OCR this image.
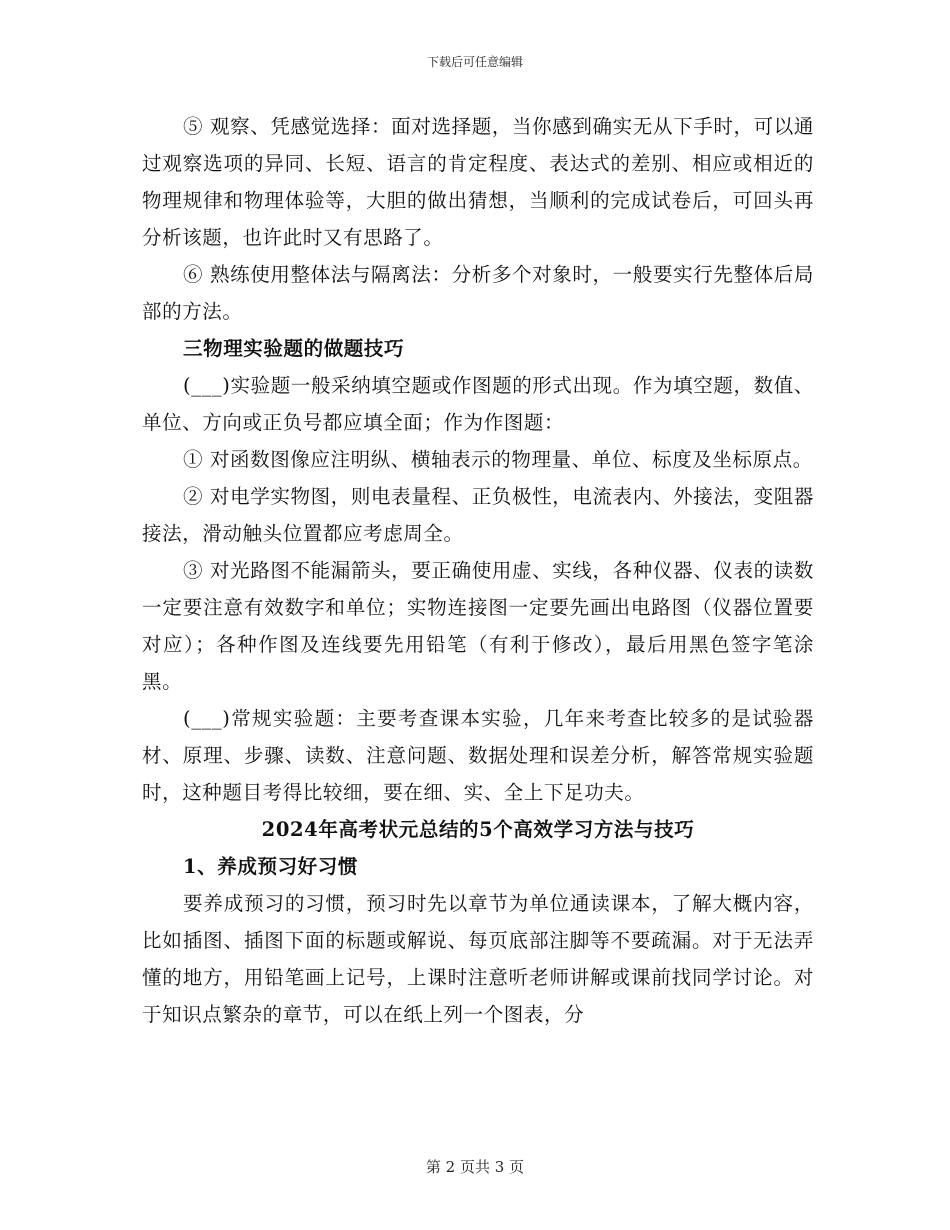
下载后可任意编辑

⑤ 观察、凭感觉选择：面对选择题，当你感到确实无从下手时，可以通过观察选项的异同、长短、语言的肯定程度、表达式的差别、相应或相近的物理规律和物理体验等，大胆的做出猜想，当顺利的完成试卷后，可回头再分析该题，也许此时又有思路了。

⑥ 熟练使用整体法与隔离法：分析多个对象时，一般要实行先整体后局部的方法。

三物理实验题的做题技巧

(___)实验题一般采纳填空题或作图题的形式出现。作为填空题，数值、单位、方向或正负号都应填全面；作为作图题：

① 对函数图像应注明纵、横轴表示的物理量、单位、标度及坐标原点。

② 对电学实物图，则电表量程、正负极性，电流表内、外接法，变阻器接法，滑动触头位置都应考虑周全。

③ 对光路图不能漏箭头，要正确使用虚、实线，各种仪器、仪表的读数一定要注意有效数字和单位；实物连接图一定要先画出电路图（仪器位置要对应）；各种作图及连线要先用铅笔（有利于修改），最后用黑色签字笔涂黑。

(___)常规实验题：主要考查课本实验，几年来考查比较多的是试验器材、原理、步骤、读数、注意问题、数据处理和误差分析，解答常规实验题时，这种题目考得比较细，要在细、实、全上下足功夫。

2024年高考状元总结的5个高效学习方法与技巧
1、养成预习好习惯

要养成预习的习惯，预习时先以章节为单位通读课本，了解大概内容，比如插图、插图下面的标题或解说、每页底部注脚等不要疏漏。对于无法弄懂的地方，用铅笔画上记号，上课时注意听老师讲解或课前找同学讨论。对于知识点繁杂的章节，可以在纸上列一个图表，分

第 2 页共 3 页
